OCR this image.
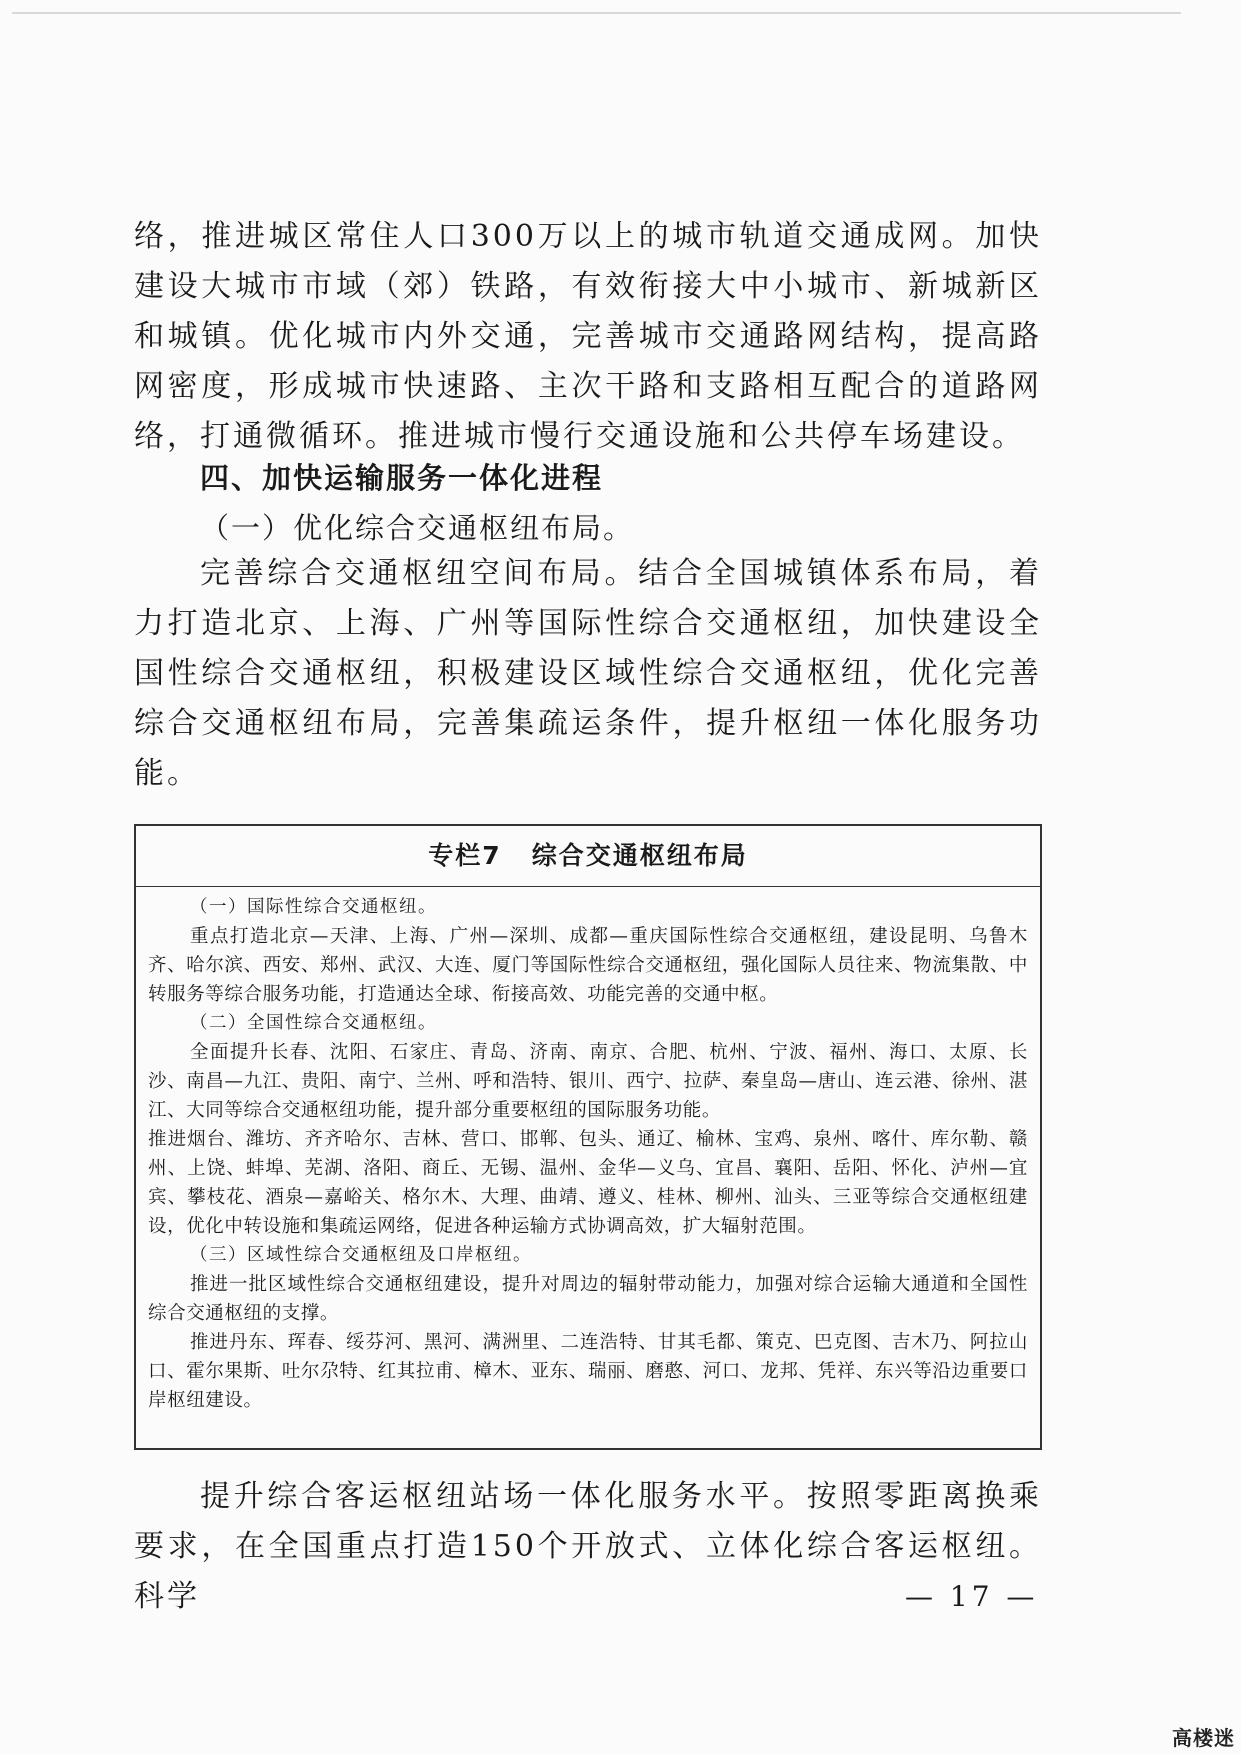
络，推进城区常住人口300万以上的城市轨道交通成网。加快建设大城市市域（郊）铁路，有效衔接大中小城市、新城新区和城镇。优化城市内外交通，完善城市交通路网结构，提高路网密度，形成城市快速路、主次干路和支路相互配合的道路网络，打通微循环。推进城市慢行交通设施和公共停车场建设。

四、加快运输服务一体化进程

（一）优化综合交通枢纽布局。

完善综合交通枢纽空间布局。结合全国城镇体系布局，着力打造北京、上海、广州等国际性综合交通枢纽，加快建设全国性综合交通枢纽，积极建设区域性综合交通枢纽，优化完善综合交通枢纽布局，完善集疏运条件，提升枢纽一体化服务功能。

专栏7 综合交通枢纽布局

（一）国际性综合交通枢纽。

重点打造北京—天津、上海、广州—深圳、成都—重庆国际性综合交通枢纽，建设昆明、乌鲁木齐、哈尔滨、西安、郑州、武汉、大连、厦门等国际性综合交通枢纽，强化国际人员往来、物流集散、中转服务等综合服务功能，打造通达全球、衔接高效、功能完善的交通中枢。

（二）全国性综合交通枢纽。

全面提升长春、沈阳、石家庄、青岛、济南、南京、合肥、杭州、宁波、福州、海口、太原、长沙、南昌—九江、贵阳、南宁、兰州、呼和浩特、银川、西宁、拉萨、秦皇岛—唐山、连云港、徐州、湛江、大同等综合交通枢纽功能，提升部分重要枢纽的国际服务功能。

推进烟台、潍坊、齐齐哈尔、吉林、营口、邯郸、包头、通辽、榆林、宝鸡、泉州、喀什、库尔勒、赣州、上饶、蚌埠、芜湖、洛阳、商丘、无锡、温州、金华—义乌、宜昌、襄阳、岳阳、怀化、泸州—宜宾、攀枝花、酒泉—嘉峪关、格尔木、大理、曲靖、遵义、桂林、柳州、汕头、三亚等综合交通枢纽建设，优化中转设施和集疏运网络，促进各种运输方式协调高效，扩大辐射范围。

（三）区域性综合交通枢纽及口岸枢纽。

推进一批区域性综合交通枢纽建设，提升对周边的辐射带动能力，加强对综合运输大通道和全国性综合交通枢纽的支撑。

推进丹东、珲春、绥芬河、黑河、满洲里、二连浩特、甘其毛都、策克、巴克图、吉木乃、阿拉山口、霍尔果斯、吐尔尕特、红其拉甫、樟木、亚东、瑞丽、磨憨、河口、龙邦、凭祥、东兴等沿边重要口岸枢纽建设。

提升综合客运枢纽站场一体化服务水平。按照零距离换乘要求，在全国重点打造150个开放式、立体化综合客运枢纽。科学	— 17 —
高楼迷
